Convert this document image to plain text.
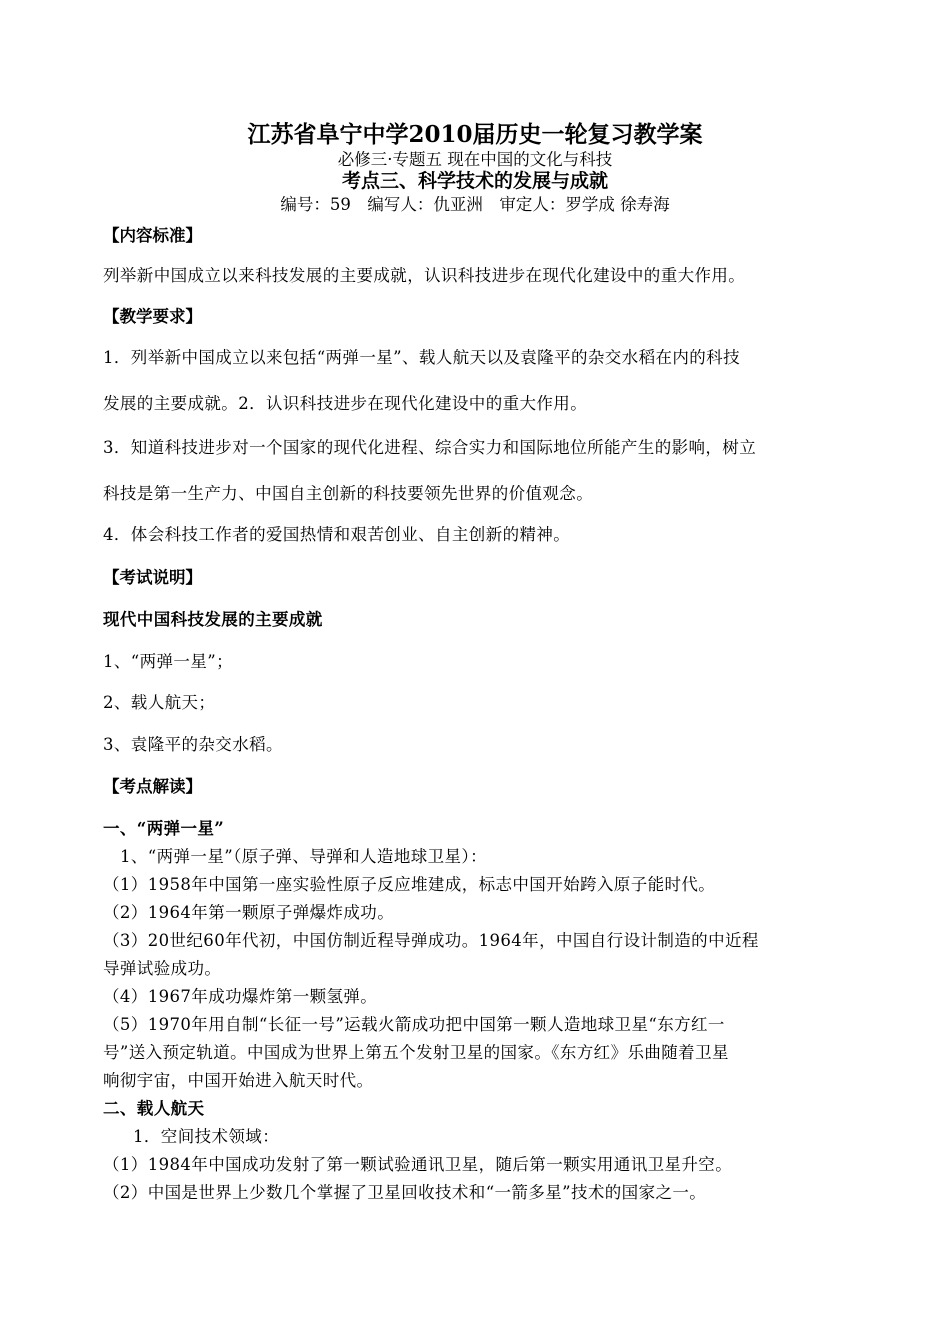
江苏省阜宁中学2010届历史一轮复习教学案
必修三·专题五 现在中国的文化与科技
考点三、科学技术的发展与成就
编号：59　编写人：仇亚洲　审定人：罗学成 徐寿海
【内容标准】
列举新中国成立以来科技发展的主要成就，认识科技进步在现代化建设中的重大作用。
【教学要求】
1．列举新中国成立以来包括“两弹一星”、载人航天以及袁隆平的杂交水稻在内的科技
发展的主要成就。2．认识科技进步在现代化建设中的重大作用。
3．知道科技进步对一个国家的现代化进程、综合实力和国际地位所能产生的影响，树立
科技是第一生产力、中国自主创新的科技要领先世界的价值观念。
4．体会科技工作者的爱国热情和艰苦创业、自主创新的精神。
【考试说明】
现代中国科技发展的主要成就
1、“两弹一星”；
2、载人航天；
3、袁隆平的杂交水稻。
【考点解读】
一、“两弹一星”
1、“两弹一星”（原子弹、导弹和人造地球卫星）：
（1）1958年中国第一座实验性原子反应堆建成，标志中国开始跨入原子能时代。
（2）1964年第一颗原子弹爆炸成功。
（3）20世纪60年代初，中国仿制近程导弹成功。1964年，中国自行设计制造的中近程
导弹试验成功。
（4）1967年成功爆炸第一颗氢弹。
（5）1970年用自制“长征一号”运载火箭成功把中国第一颗人造地球卫星“东方红一
号”送入预定轨道。中国成为世界上第五个发射卫星的国家。《东方红》乐曲随着卫星
响彻宇宙，中国开始进入航天时代。
二、载人航天
1．空间技术领域：
（1）1984年中国成功发射了第一颗试验通讯卫星，随后第一颗实用通讯卫星升空。
（2）中国是世界上少数几个掌握了卫星回收技术和“一箭多星”技术的国家之一。
